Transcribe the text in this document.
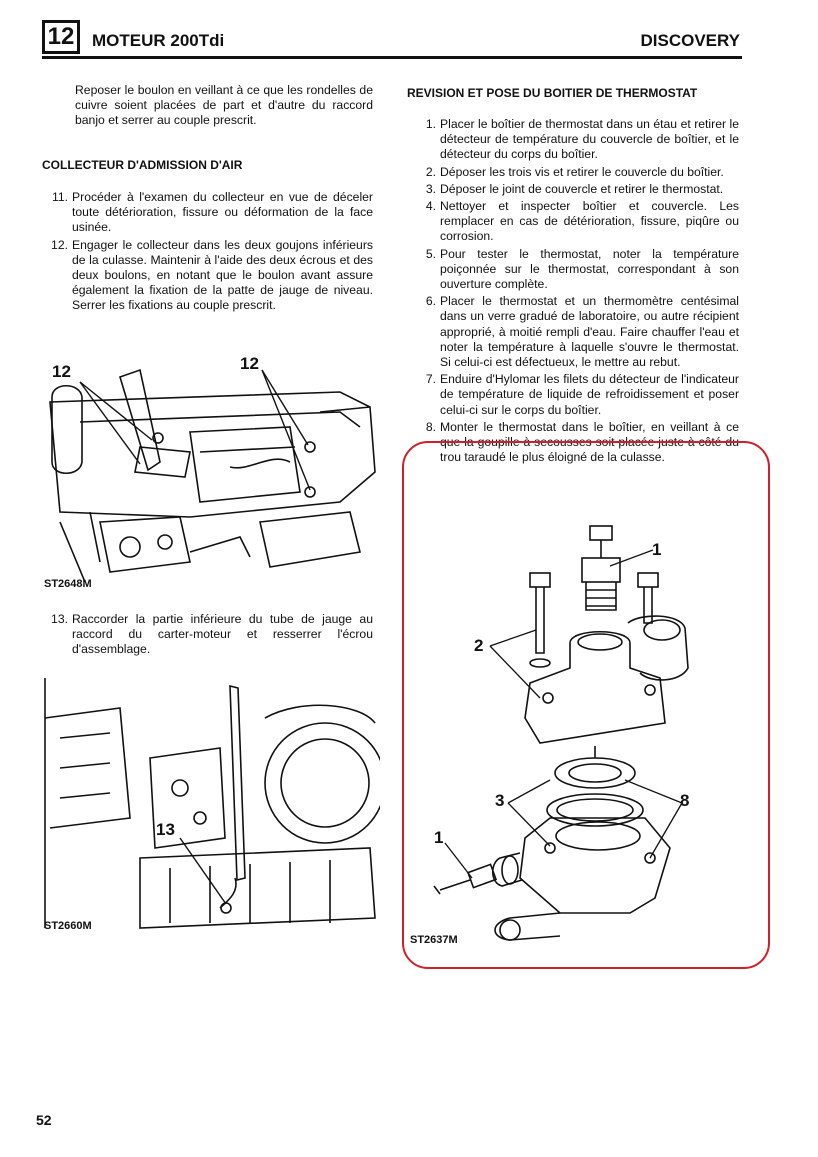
12	MOTEUR 200Tdi	DISCOVERY
Reposer le boulon en veillant à ce que les rondelles de cuivre soient placées de part et d'autre du raccord banjo et serrer au couple prescrit.
COLLECTEUR D'ADMISSION D'AIR
11. Procéder à l'examen du collecteur en vue de déceler toute détérioration, fissure ou déformation de la face usinée.
12. Engager le collecteur dans les deux goujons inférieurs de la culasse. Maintenir à l'aide des deux écrous et des deux boulons, en notant que le boulon avant assure également la fixation de la patte de jauge de niveau. Serrer les fixations au couple prescrit.
12	12
ST2648M
13. Raccorder la partie inférieure du tube de jauge au raccord du carter-moteur et resserrer l'écrou d'assemblage.
13
ST2660M
REVISION ET POSE DU BOITIER DE THERMOSTAT
1. Placer le boîtier de thermostat dans un étau et retirer le détecteur de température du couvercle de boîtier, et le détecteur du corps du boîtier.
2. Déposer les trois vis et retirer le couvercle du boîtier.
3. Déposer le joint de couvercle et retirer le thermostat.
4. Nettoyer et inspecter boîtier et couvercle. Les remplacer en cas de détérioration, fissure, piqûre ou corrosion.
5. Pour tester le thermostat, noter la température poiçonnée sur le thermostat, correspondant à son ouverture complète.
6. Placer le thermostat et un thermomètre centésimal dans un verre gradué de laboratoire, ou autre récipient approprié, à moitié rempli d'eau. Faire chauffer l'eau et noter la température à laquelle s'ouvre le thermostat. Si celui-ci est défectueux, le mettre au rebut.
7. Enduire d'Hylomar les filets du détecteur de l'indicateur de température de liquide de refroidissement et poser celui-ci sur le corps du boîtier.
8. Monter le thermostat dans le boîtier, en veillant à ce que la goupille à secousses soit placée juste à côté du trou taraudé le plus éloigné de la culasse.
1
2
3	8
1
ST2637M
52
